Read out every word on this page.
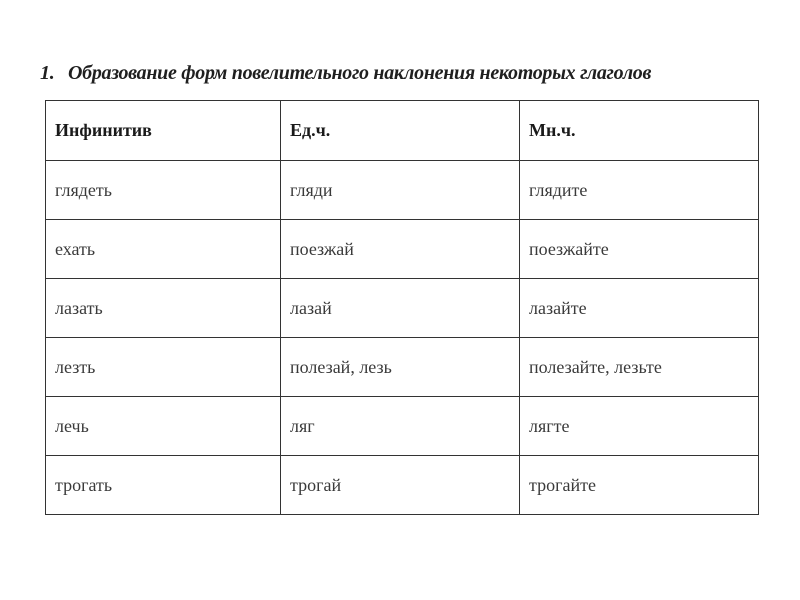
1. Образование форм повелительного наклонения некоторых глаголов
Инфинитив	Ед.ч.	Мн.ч.
глядеть	гляди	глядите
ехать	поезжай	поезжайте
лазать	лазай	лазайте
лезть	полезай, лезь	полезайте, лезьте
лечь	ляг	лягте
трогать	трогай	трогайте
